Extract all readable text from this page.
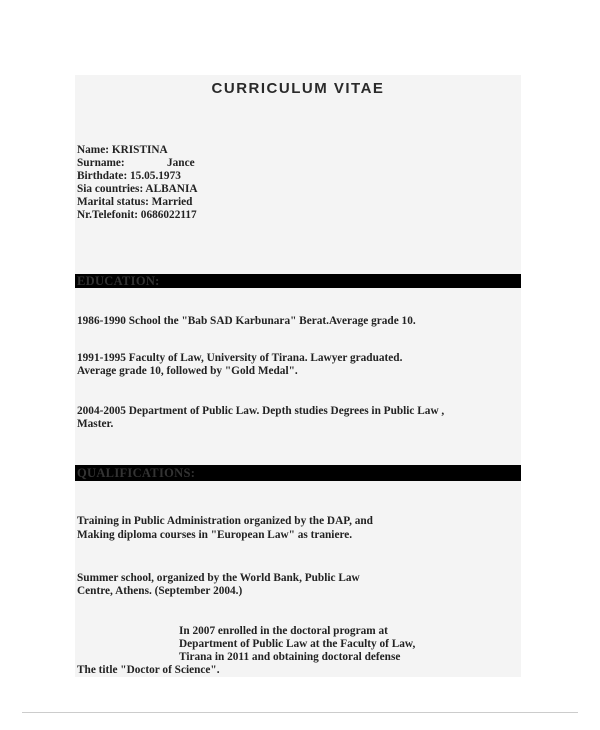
CURRICULUM VITAE
Name: KRISTINA
Surname:	Jance
Birthdate: 15.05.1973
Sia countries: ALBANIA
Marital status: Married
Nr.Telefonit: 0686022117
EDUCATION:
1986-1990 School the "Bab SAD Karbunara" Berat.Average grade 10.
1991-1995 Faculty of Law, University of Tirana. Lawyer graduated.
Average grade 10, followed by "Gold Medal".
2004-2005 Department of Public Law. Depth studies Degrees in Public Law ,
Master.
QUALIFICATIONS:
Training in Public Administration organized by the DAP, and
Making diploma courses in "European Law" as traniere.
Summer school, organized by the World Bank, Public Law
Centre, Athens. (September 2004.)
In 2007 enrolled in the doctoral program at
Department of Public Law at the Faculty of Law,
Tirana in 2011 and obtaining doctoral defense
The title "Doctor of Science".
